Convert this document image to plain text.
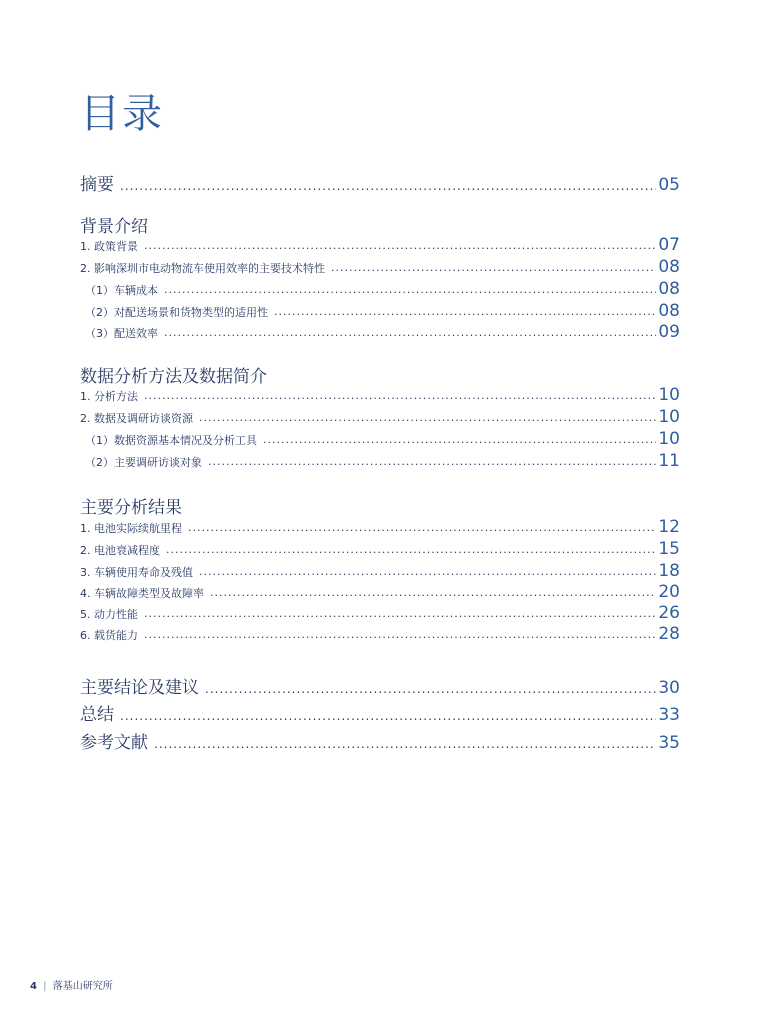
目录
摘要 .....	05
背景介绍
1. 政策背景 .....	07
2. 影响深圳市电动物流车使用效率的主要技术特性 .....	08
（1）车辆成本 .....	08
（2）对配送场景和货物类型的适用性 .....	08
（3）配送效率 .....	09
数据分析方法及数据简介
1. 分析方法 .....	10
2. 数据及调研访谈资源 .....	10
（1）数据资源基本情况及分析工具 .....	10
（2）主要调研访谈对象 .....	11
主要分析结果
1. 电池实际续航里程 .....	12
2. 电池衰减程度 .....	15
3. 车辆使用寿命及残值 .....	18
4. 车辆故障类型及故障率 .....	20
5. 动力性能 .....	26
6. 载货能力 .....	28
主要结论及建议 .....	30
总结 .....	33
参考文献 .....	35
4 | 落基山研究所
